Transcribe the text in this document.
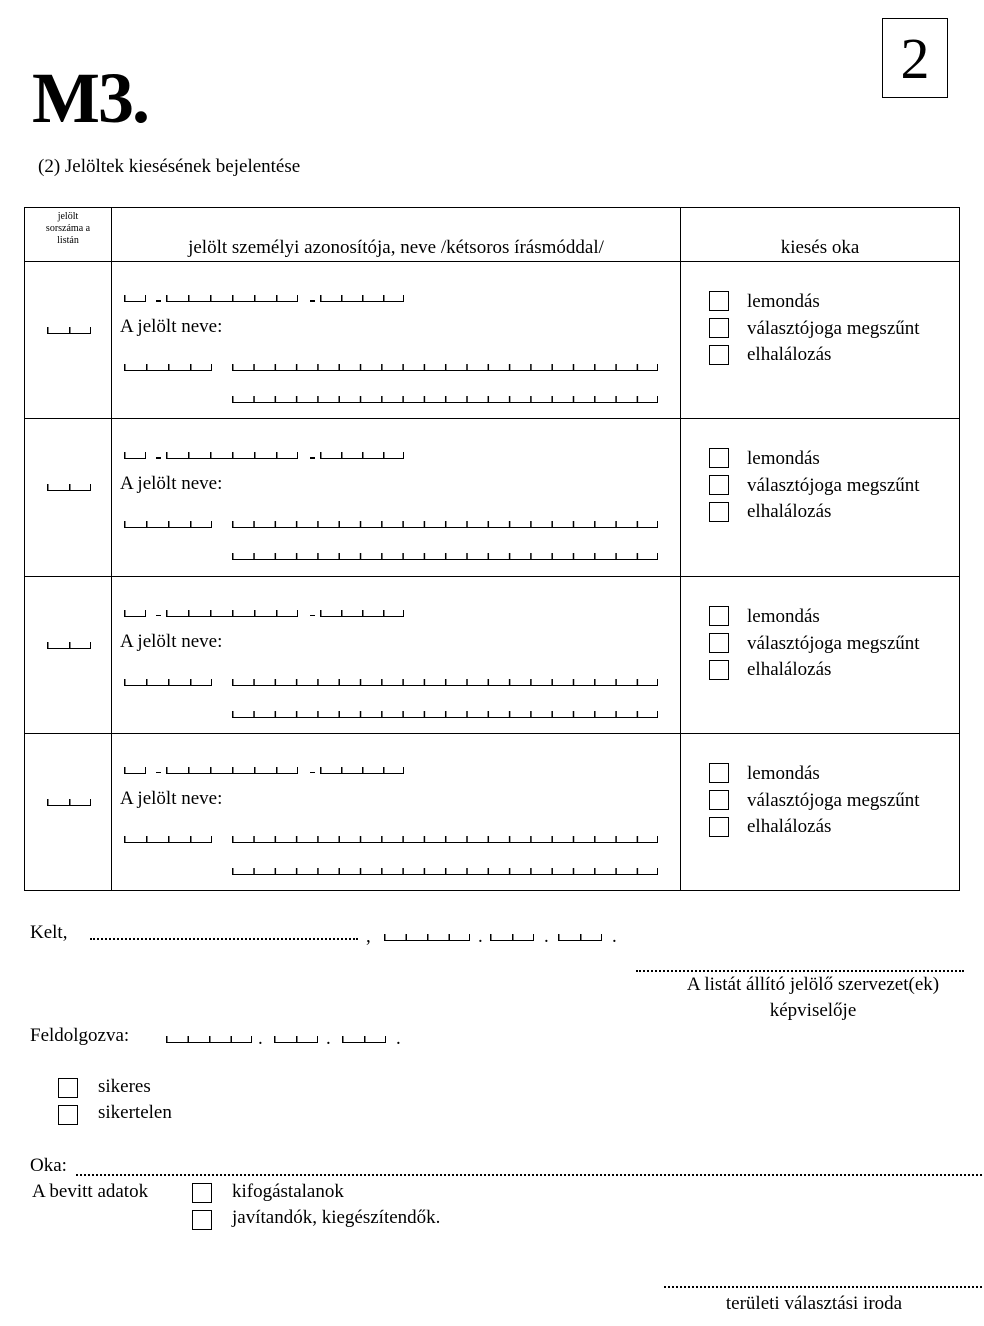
M3.	2
(2) Jelöltek kiesésének bejelentése
jelölt
sorszáma a
listán	jelölt személyi azonosítója, neve /kétsoros írásmóddal/	kiesés oka

	A jelölt neve:	lemondás
választójoga megszűnt
elhalálozás

	A jelölt neve:	lemondás
választójoga megszűnt
elhalálozás

	A jelölt neve:	lemondás
választójoga megszűnt
elhalálozás

	A jelölt neve:	lemondás
választójoga megszűnt
elhalálozás
Kelt,	,	.	.	.
A listát állító jelölő szervezet(ek)
képviselője
Feldolgozva:	.	.	.
sikeres
sikertelen
Oka:
A bevitt adatok	kifogástalanok
javítandók, kiegészítendők.
területi választási iroda
